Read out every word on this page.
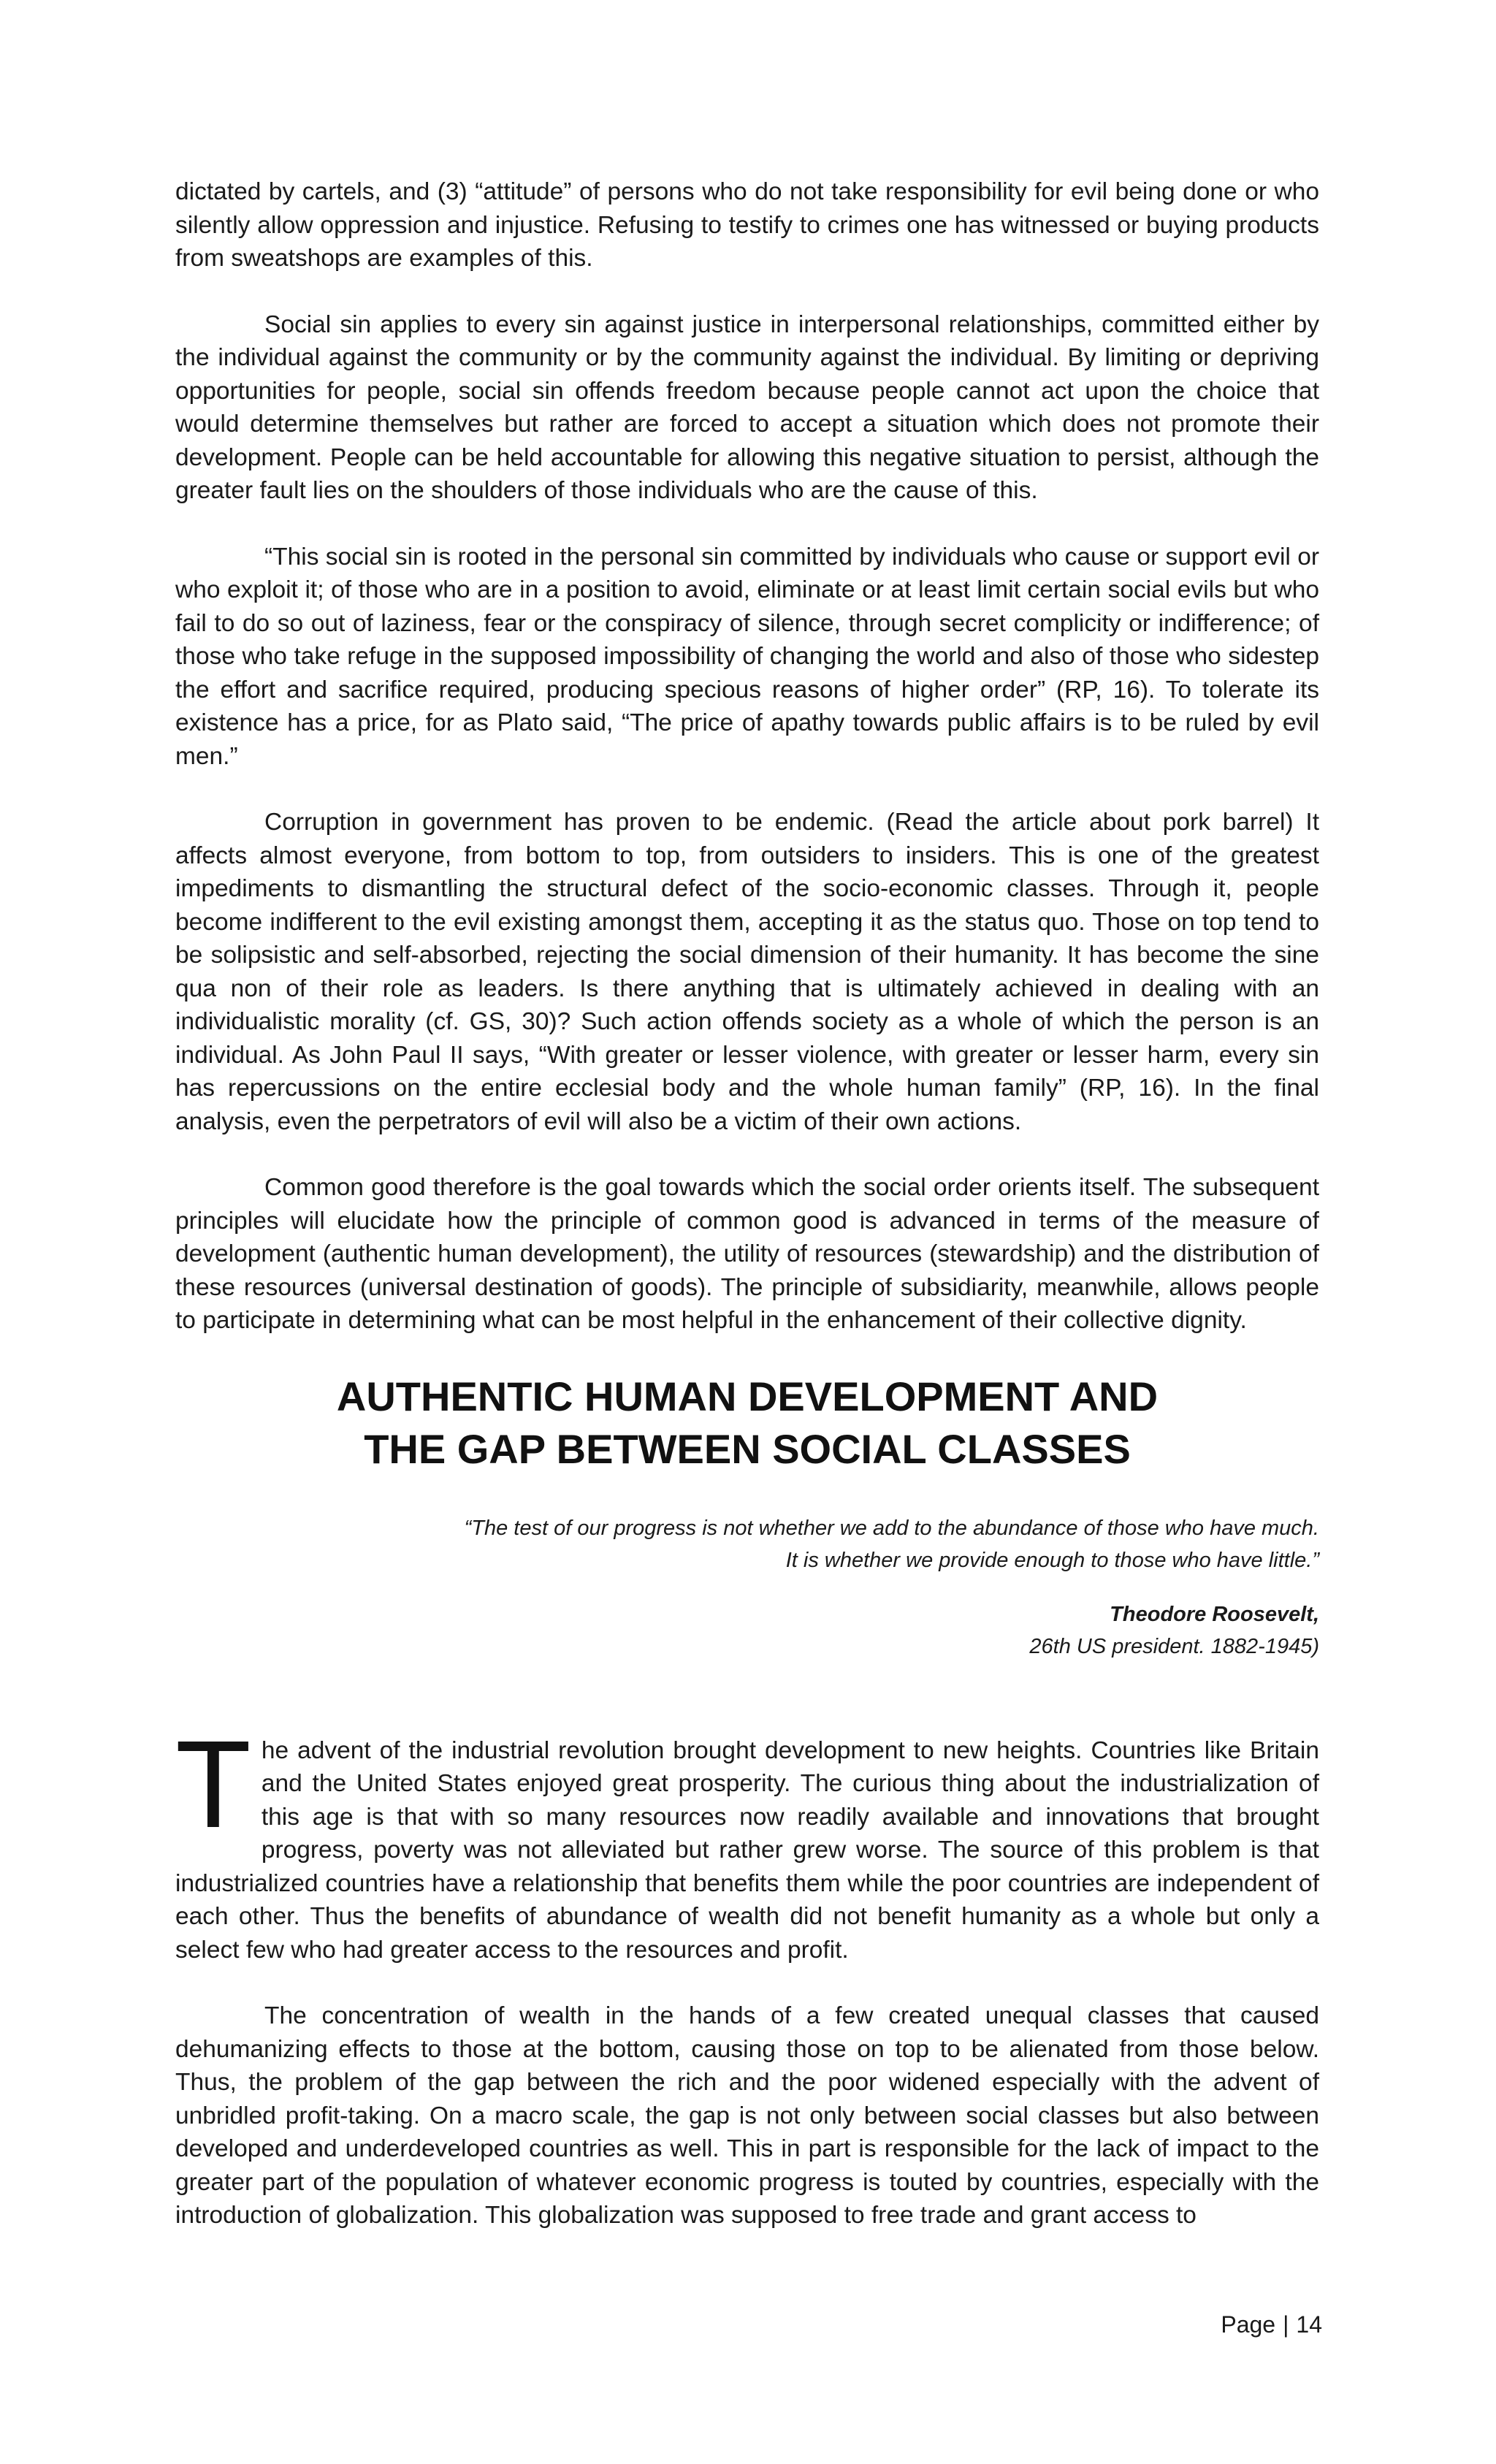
dictated by cartels, and (3) “attitude” of persons who do not take responsibility for evil being done or who silently allow oppression and injustice. Refusing to testify to crimes one has witnessed or buying products from sweatshops are examples of this.

Social sin applies to every sin against justice in interpersonal relationships, committed either by the individual against the community or by the community against the individual. By limiting or depriving opportunities for people, social sin offends freedom because people cannot act upon the choice that would determine themselves but rather are forced to accept a situation which does not promote their development. People can be held accountable for allowing this negative situation to persist, although the greater fault lies on the shoulders of those individuals who are the cause of this.

“This social sin is rooted in the personal sin committed by individuals who cause or support evil or who exploit it; of those who are in a position to avoid, eliminate or at least limit certain social evils but who fail to do so out of laziness, fear or the conspiracy of silence, through secret complicity or indifference; of those who take refuge in the supposed impossibility of changing the world and also of those who sidestep the effort and sacrifice required, producing specious reasons of higher order” (RP, 16). To tolerate its existence has a price, for as Plato said, “The price of apathy towards public affairs is to be ruled by evil men.”

Corruption in government has proven to be endemic. (Read the article about pork barrel) It affects almost everyone, from bottom to top, from outsiders to insiders. This is one of the greatest impediments to dismantling the structural defect of the socio-economic classes. Through it, people become indifferent to the evil existing amongst them, accepting it as the status quo. Those on top tend to be solipsistic and self-absorbed, rejecting the social dimension of their humanity. It has become the sine qua non of their role as leaders. Is there anything that is ultimately achieved in dealing with an individualistic morality (cf. GS, 30)? Such action offends society as a whole of which the person is an individual. As John Paul II says, “With greater or lesser violence, with greater or lesser harm, every sin has repercussions on the entire ecclesial body and the whole human family” (RP, 16). In the final analysis, even the perpetrators of evil will also be a victim of their own actions.

Common good therefore is the goal towards which the social order orients itself. The subsequent principles will elucidate how the principle of common good is advanced in terms of the measure of development (authentic human development), the utility of resources (stewardship) and the distribution of these resources (universal destination of goods). The principle of subsidiarity, meanwhile, allows people to participate in determining what can be most helpful in the enhancement of their collective dignity.

AUTHENTIC HUMAN DEVELOPMENT AND
THE GAP BETWEEN SOCIAL CLASSES
“The test of our progress is not whether we add to the abundance of those who have much.
It is whether we provide enough to those who have little.”
Theodore Roosevelt,
26th US president. 1882-1945)

The advent of the industrial revolution brought development to new heights. Countries like Britain and the United States enjoyed great prosperity. The curious thing about the industrialization of this age is that with so many resources now readily available and innovations that brought progress, poverty was not alleviated but rather grew worse. The source of this problem is that industrialized countries have a relationship that benefits them while the poor countries are independent of each other. Thus the benefits of abundance of wealth did not benefit humanity as a whole but only a select few who had greater access to the resources and profit.

The concentration of wealth in the hands of a few created unequal classes that caused dehumanizing effects to those at the bottom, causing those on top to be alienated from those below. Thus, the problem of the gap between the rich and the poor widened especially with the advent of unbridled profit-taking. On a macro scale, the gap is not only between social classes but also between developed and underdeveloped countries as well. This in part is responsible for the lack of impact to the greater part of the population of whatever economic progress is touted by countries, especially with the introduction of globalization. This globalization was supposed to free trade and grant access to

Page | 14
